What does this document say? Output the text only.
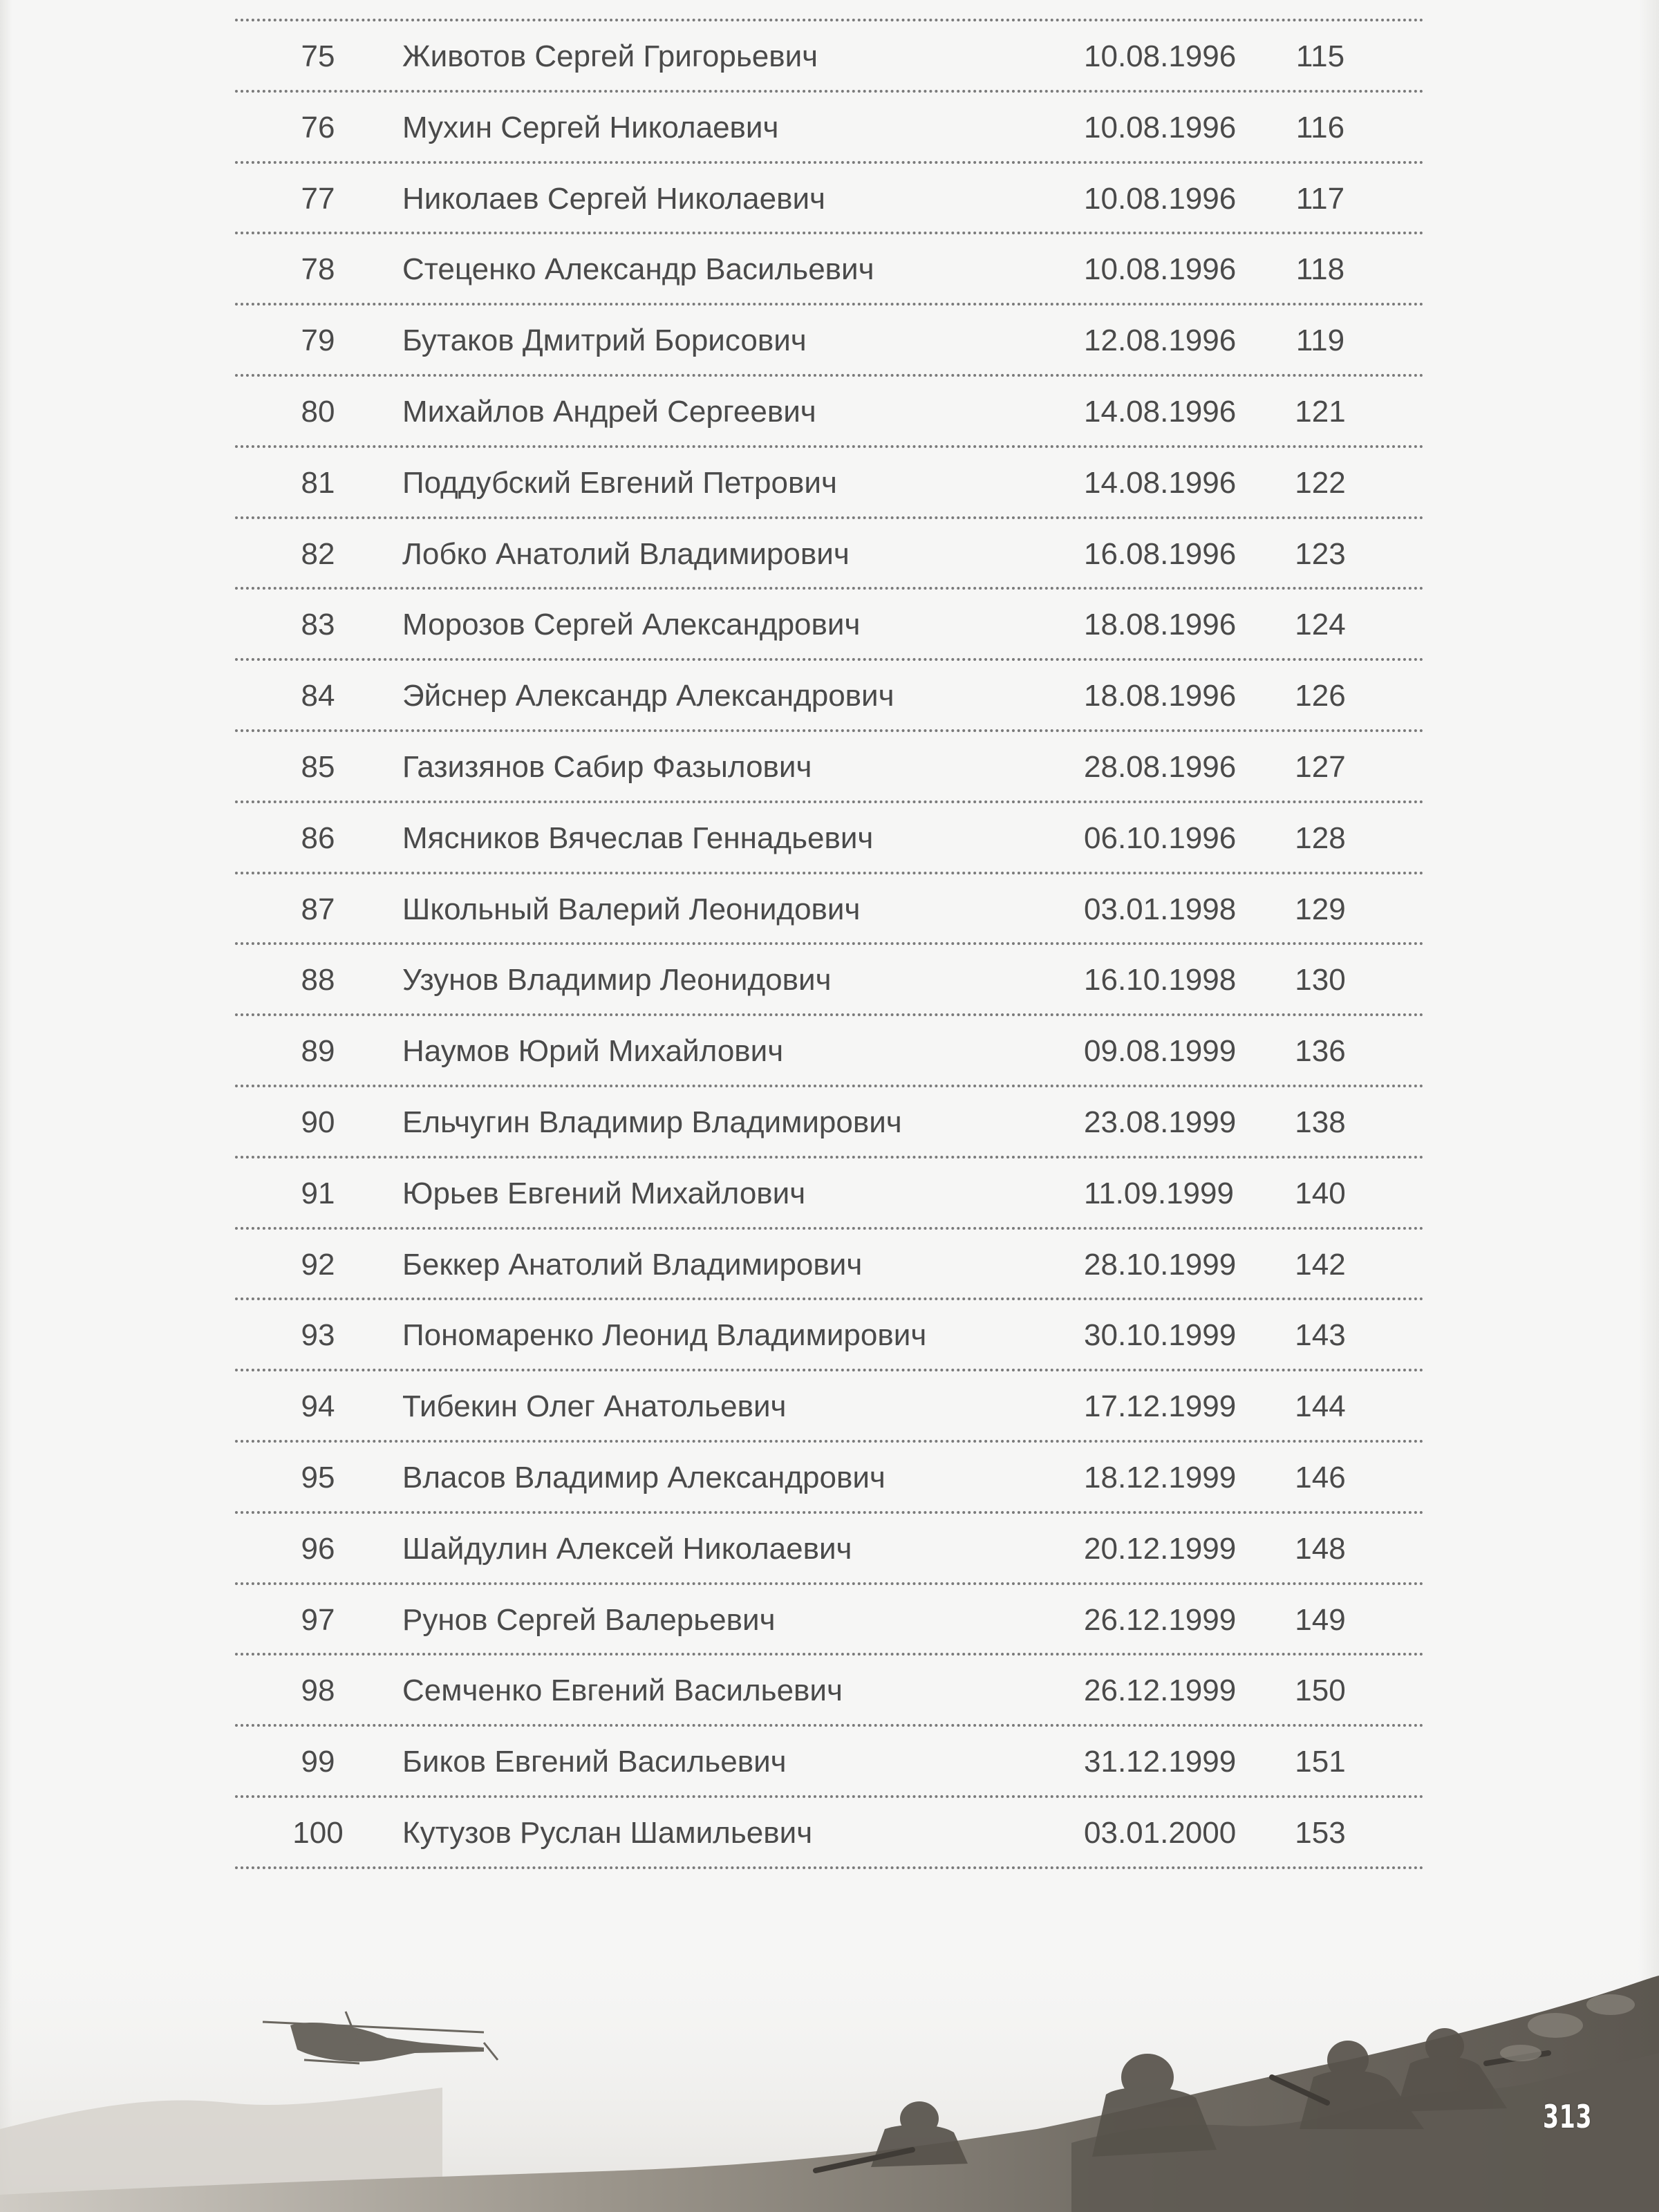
75	Животов Сергей Григорьевич	10.08.1996	115
76	Мухин Сергей Николаевич	10.08.1996	116
77	Николаев Сергей Николаевич	10.08.1996	117
78	Стеценко Александр Васильевич	10.08.1996	118
79	Бутаков Дмитрий Борисович	12.08.1996	119
80	Михайлов Андрей Сергеевич	14.08.1996	121
81	Поддубский Евгений Петрович	14.08.1996	122
82	Лобко Анатолий Владимирович	16.08.1996	123
83	Морозов Сергей Александрович	18.08.1996	124
84	Эйснер Александр Александрович	18.08.1996	126
85	Газизянов Сабир Фазылович	28.08.1996	127
86	Мясников Вячеслав Геннадьевич	06.10.1996	128
87	Школьный Валерий Леонидович	03.01.1998	129
88	Узунов Владимир Леонидович	16.10.1998	130
89	Наумов Юрий Михайлович	09.08.1999	136
90	Ельчугин Владимир Владимирович	23.08.1999	138
91	Юрьев Евгений Михайлович	11.09.1999	140
92	Беккер Анатолий Владимирович	28.10.1999	142
93	Пономаренко Леонид Владимирович	30.10.1999	143
94	Тибекин Олег Анатольевич	17.12.1999	144
95	Власов Владимир Александрович	18.12.1999	146
96	Шайдулин Алексей Николаевич	20.12.1999	148
97	Рунов Сергей Валерьевич	26.12.1999	149
98	Семченко Евгений Васильевич	26.12.1999	150
99	Биков Евгений Васильевич	31.12.1999	151
100	Кутузов Руслан Шамильевич	03.01.2000	153
313
